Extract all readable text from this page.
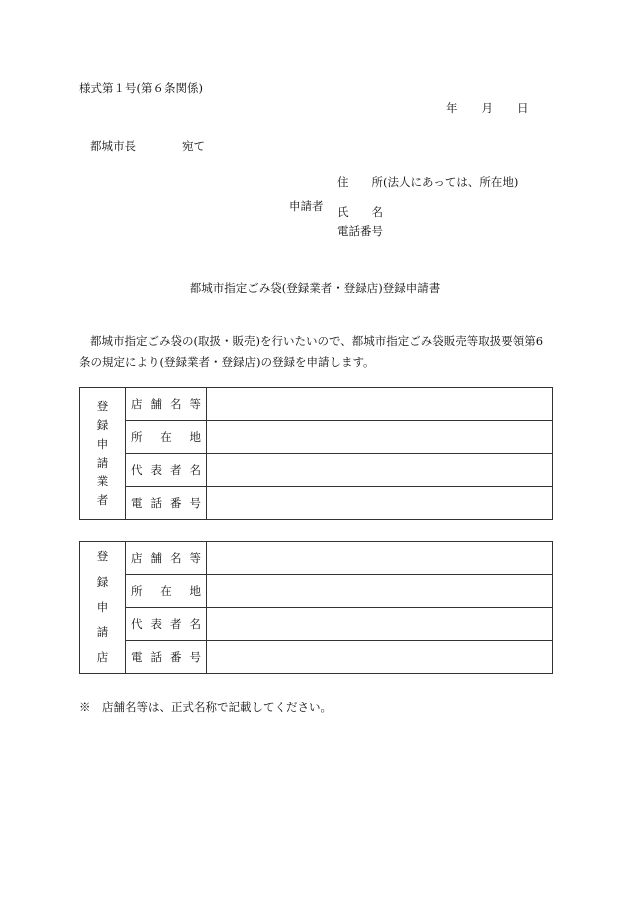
様式第１号(第６条関係)
年 月 日
都城市長	宛て
申請者
住　　所(法人にあっては、所在地)
氏　　名
電話番号
都城市指定ごみ袋(登録業者・登録店)登録申請書
都城市指定ごみ袋の(取扱・販売)を行いたいので、都城市指定ごみ袋販売等取扱要領第6条の規定により(登録業者・登録店)の登録を申請します。
登録申請業者	店舗名等	
	所在地	
	代表者名	
	電話番号	
登録申請店	店舗名等	
	所在地	
	代表者名	
	電話番号	
※　店舗名等は、正式名称で記載してください。
